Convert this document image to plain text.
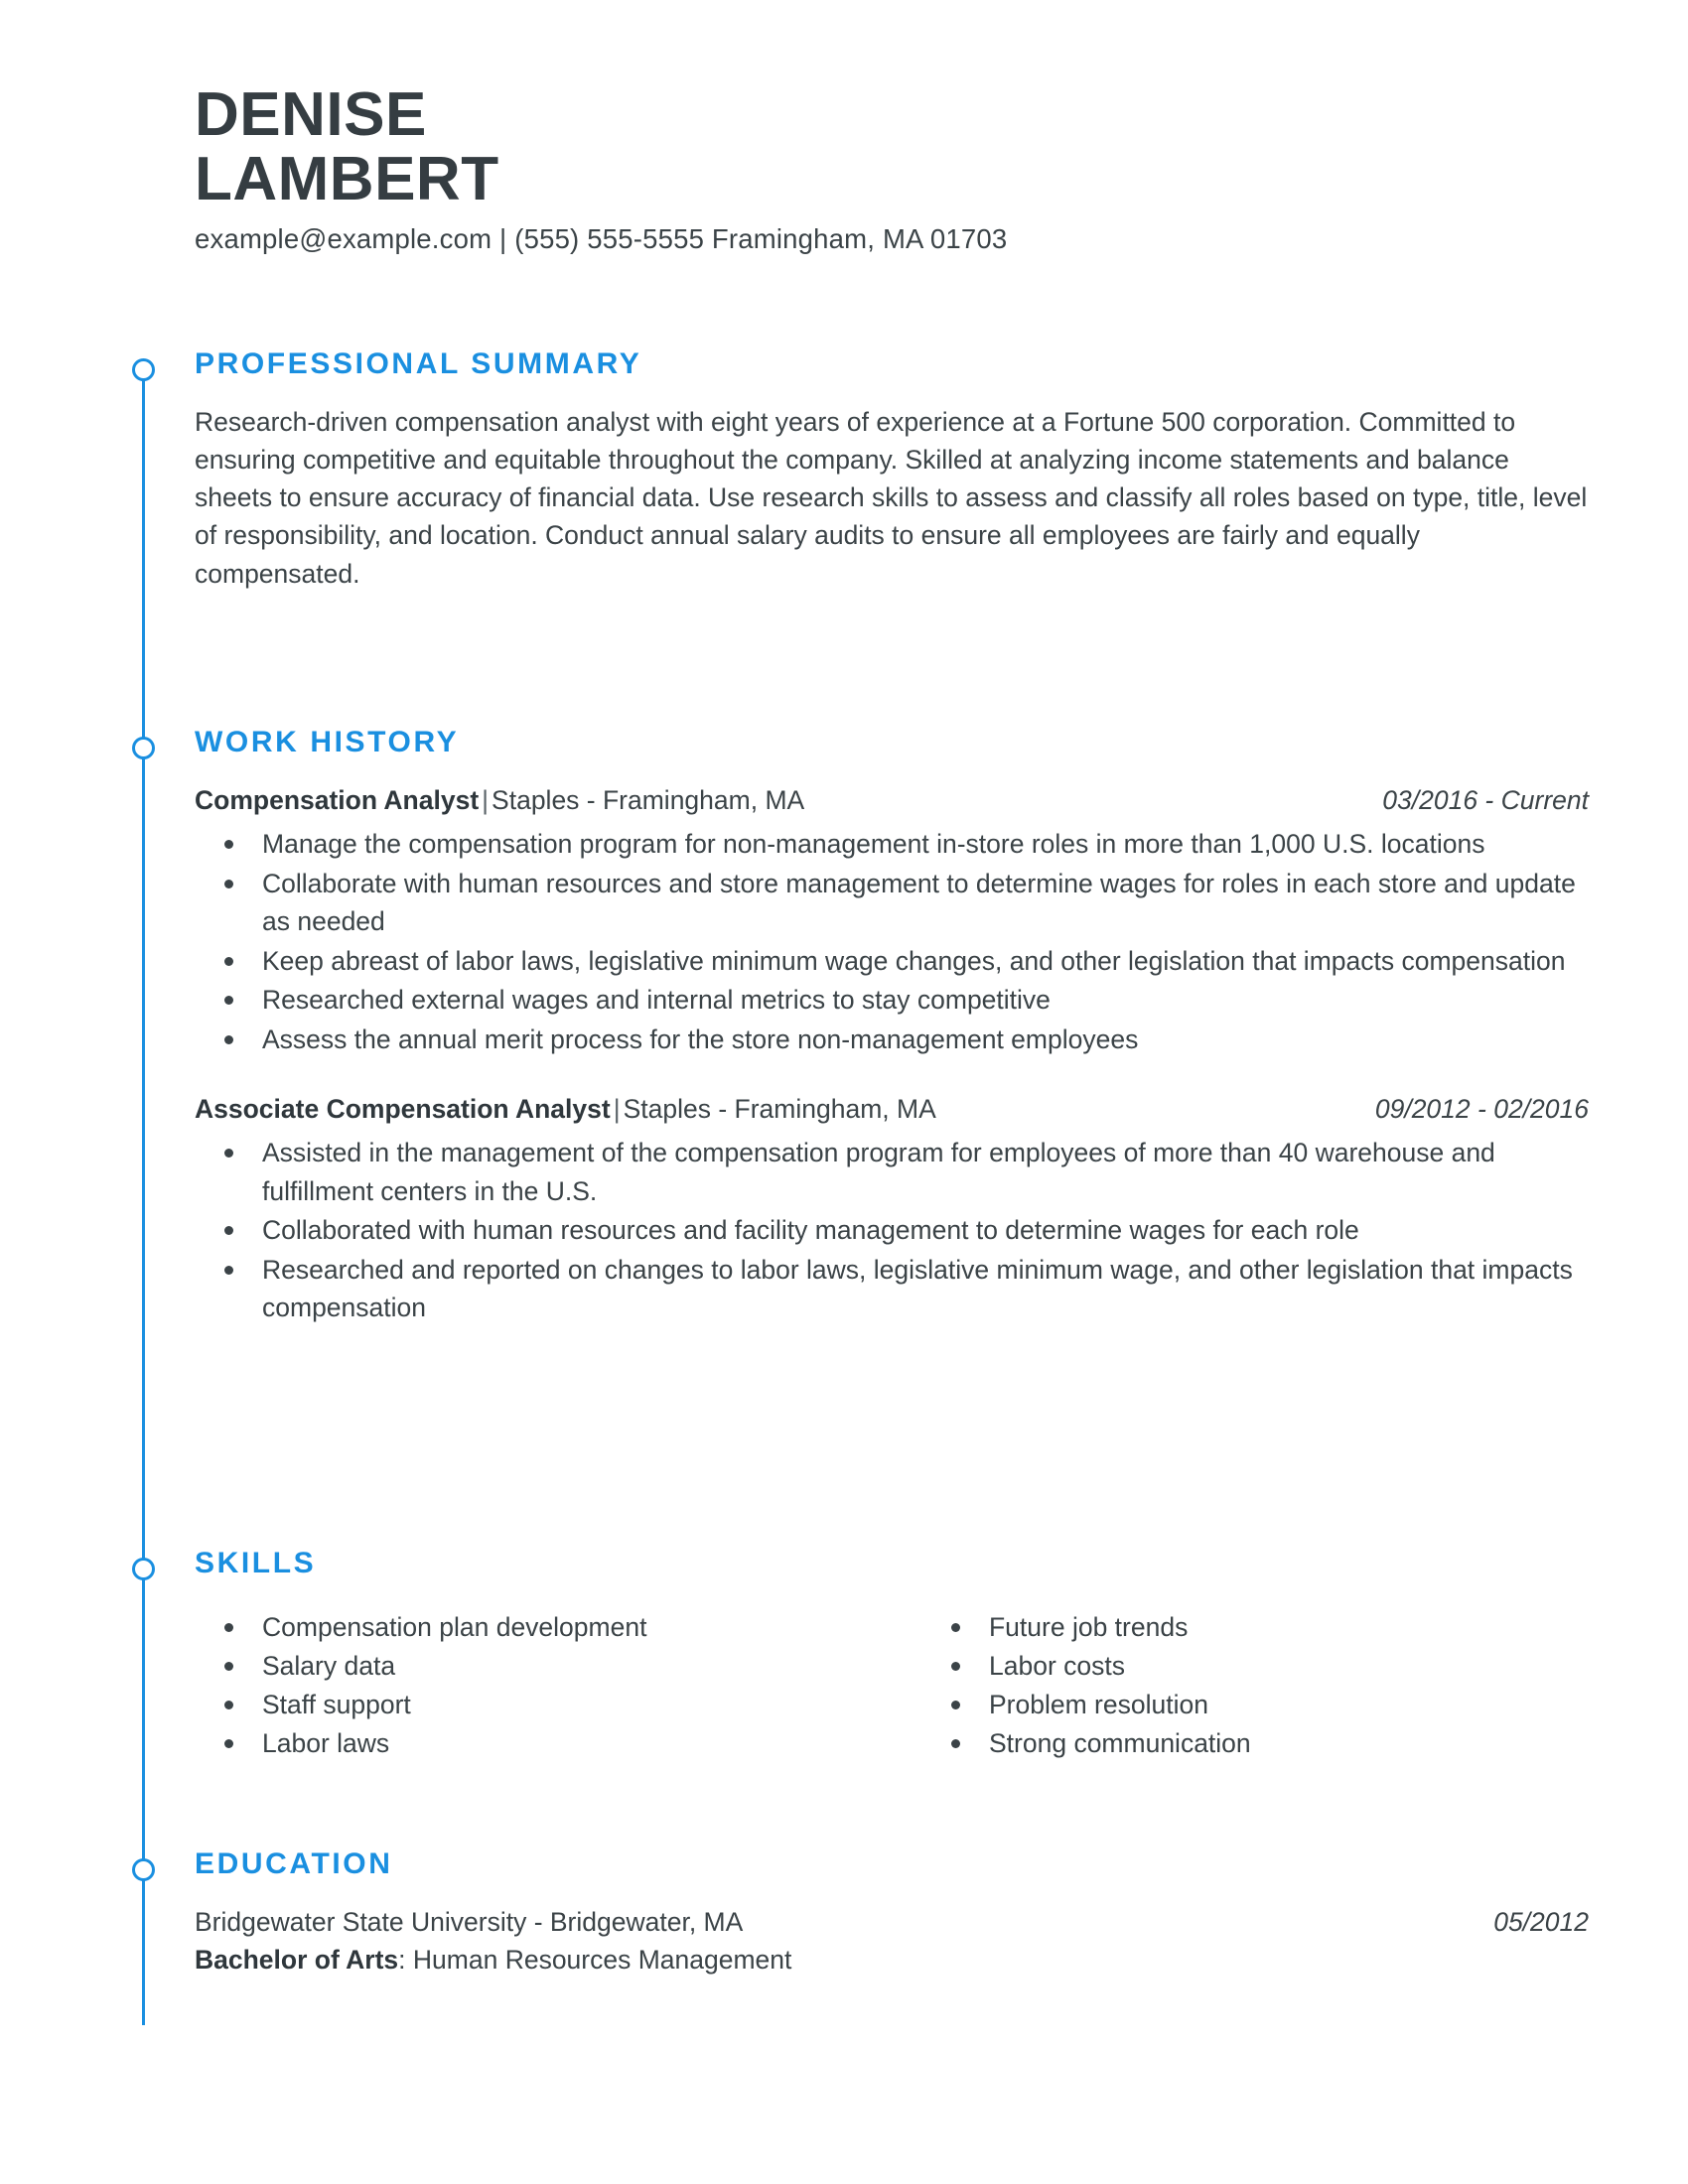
DENISE
LAMBERT
example@example.com | (555) 555-5555 Framingham, MA 01703
PROFESSIONAL SUMMARY
Research-driven compensation analyst with eight years of experience at a Fortune 500 corporation. Committed to ensuring competitive and equitable throughout the company. Skilled at analyzing income statements and balance sheets to ensure accuracy of financial data. Use research skills to assess and classify all roles based on type, title, level of responsibility, and location. Conduct annual salary audits to ensure all employees are fairly and equally compensated.
WORK HISTORY
Compensation Analyst | Staples - Framingham, MA	03/2016 - Current
Manage the compensation program for non-management in-store roles in more than 1,000 U.S. locations
Collaborate with human resources and store management to determine wages for roles in each store and update as needed
Keep abreast of labor laws, legislative minimum wage changes, and other legislation that impacts compensation
Researched external wages and internal metrics to stay competitive
Assess the annual merit process for the store non-management employees
Associate Compensation Analyst | Staples - Framingham, MA	09/2012 - 02/2016
Assisted in the management of the compensation program for employees of more than 40 warehouse and fulfillment centers in the U.S.
Collaborated with human resources and facility management to determine wages for each role
Researched and reported on changes to labor laws, legislative minimum wage, and other legislation that impacts compensation
SKILLS
Compensation plan development
Salary data
Staff support
Labor laws
Future job trends
Labor costs
Problem resolution
Strong communication
EDUCATION
Bridgewater State University - Bridgewater, MA	05/2012
Bachelor of Arts: Human Resources Management
